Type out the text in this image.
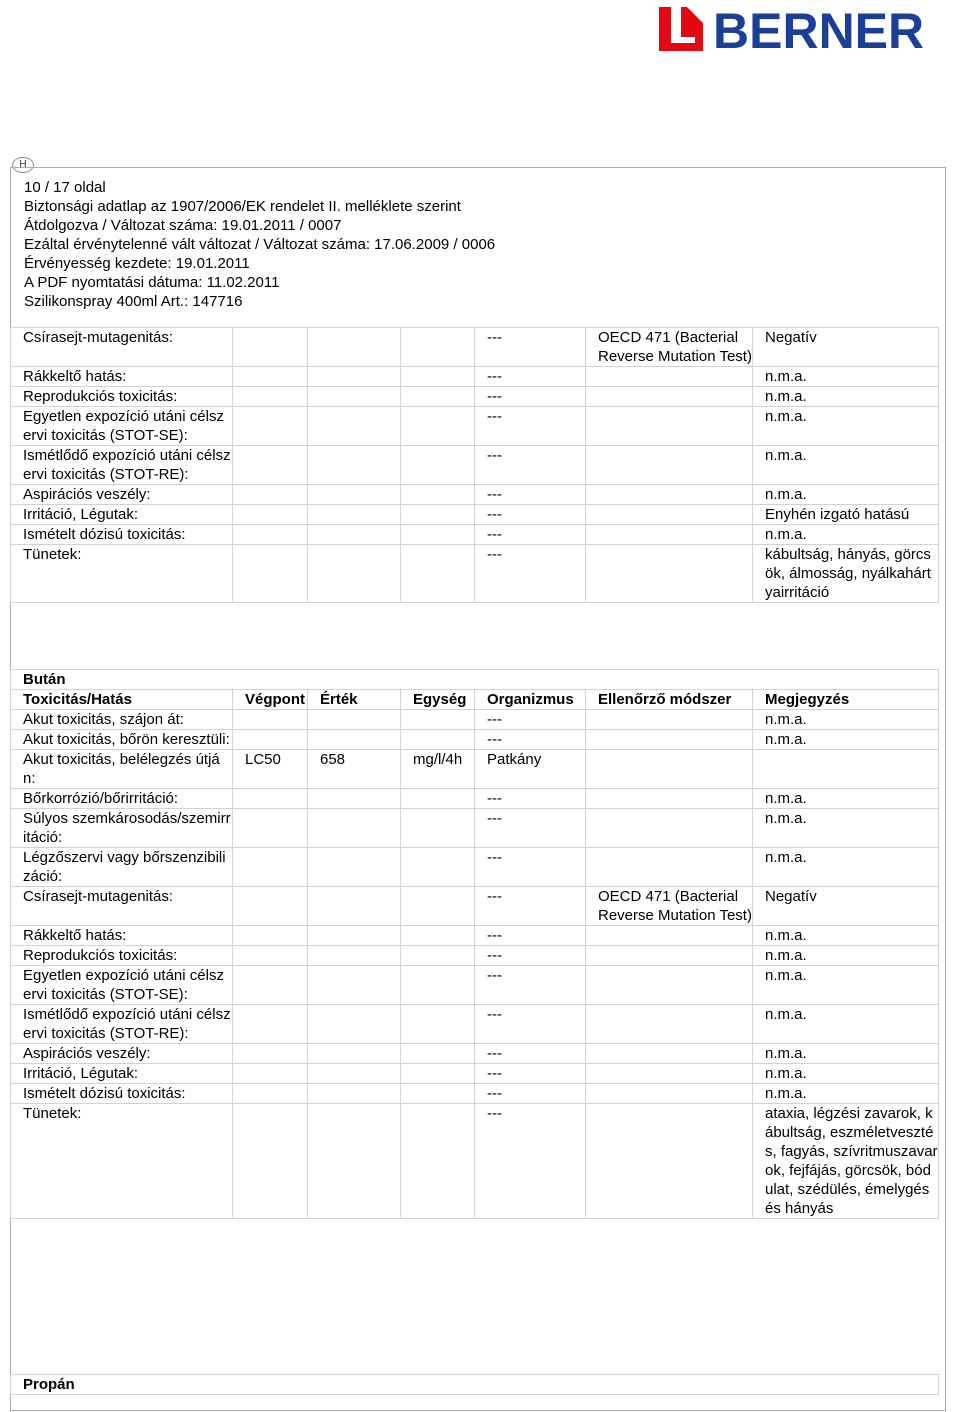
BERNER
H
10 / 17 oldal
Biztonsági adatlap az 1907/2006/EK rendelet II. melléklete szerint
Átdolgozva / Változat száma: 19.01.2011 / 0007
Ezáltal érvénytelenné vált változat / Változat száma: 17.06.2009 / 0006
Érvényesség kezdete: 19.01.2011
A PDF nyomtatási dátuma: 11.02.2011
Szilikonspray 400ml Art.: 147716
Csírasejt-mutagenitás:				---	OECD 471 (Bacterial Reverse Mutation Test)	Negatív
Rákkeltő hatás:				---		n.m.a.
Reprodukciós toxicitás:				---		n.m.a.
Egyetlen expozíció utáni célszervi toxicitás (STOT-SE):				---		n.m.a.
Ismétlődő expozíció utáni célszervi toxicitás (STOT-RE):				---		n.m.a.
Aspirációs veszély:				---		n.m.a.
Irritáció, Légutak:				---		Enyhén izgató hatású
Ismételt dózisú toxicitás:				---		n.m.a.
Tünetek:				---		kábultság, hányás, görcsök, álmosság, nyálkahártyairritáció
Bután						
Toxicitás/Hatás	Végpont	Érték	Egység	Organizmus	Ellenőrző módszer	Megjegyzés
Akut toxicitás, szájon át:				---		n.m.a.
Akut toxicitás, bőrön keresztüli:				---		n.m.a.
Akut toxicitás, belélegzés útján:	LC50	658	mg/l/4h	Patkány		
Bőrkorrózió/bőrirritáció:				---		n.m.a.
Súlyos szemkárosodás/szemirritáció:				---		n.m.a.
Légzőszervi vagy bőrszenzibilizáció:				---		n.m.a.
Csírasejt-mutagenitás:				---	OECD 471 (Bacterial Reverse Mutation Test)	Negatív
Rákkeltő hatás:				---		n.m.a.
Reprodukciós toxicitás:				---		n.m.a.
Egyetlen expozíció utáni célszervi toxicitás (STOT-SE):				---		n.m.a.
Ismétlődő expozíció utáni célszervi toxicitás (STOT-RE):				---		n.m.a.
Aspirációs veszély:				---		n.m.a.
Irritáció, Légutak:				---		n.m.a.
Ismételt dózisú toxicitás:				---		n.m.a.
Tünetek:				---		ataxia, légzési zavarok, kábultság, eszméletvesztés, fagyás, szívritmuszavarok, fejfájás, görcsök, bódulat, szédülés, émelygés és hányás
Propán
